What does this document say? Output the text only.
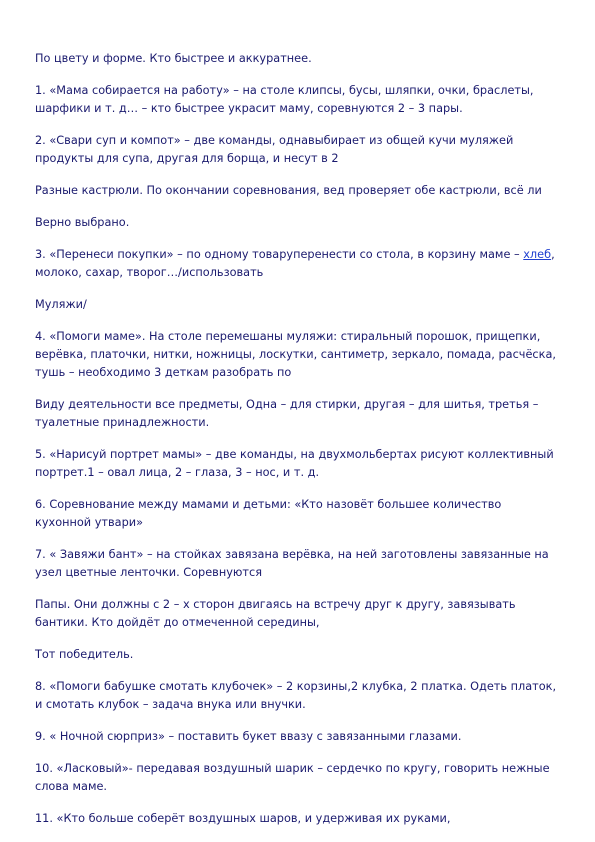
По цвету и форме. Кто быстрее и аккуратнее.

1. «Мама собирается на работу» – на столе клипсы, бусы, шляпки, очки, браслеты, шарфики и т. д… – кто быстрее украсит маму, соревнуются 2 – 3 пары.

2. «Свари суп и компот» – две команды, однавыбирает из общей кучи муляжей продукты для супа, другая для борща, и несут в 2

Разные кастрюли. По окончании соревнования, вед проверяет обе кастрюли, всё ли

Верно выбрано.

3. «Перенеси покупки» – по одному товаруперенести со стола, в корзину маме – хлеб, молоко, сахар, творог…/использовать

Муляжи/

4. «Помоги маме». На столе перемешаны муляжи: стиральный порошок, прищепки, верёвка, платочки, нитки, ножницы, лоскутки, сантиметр, зеркало, помада, расчёска, тушь – необходимо 3 деткам разобрать по

Виду деятельности все предметы, Одна – для стирки, другая – для шитья, третья – туалетные принадлежности.

5. «Нарисуй портрет мамы» – две команды, на двухмольбертах рисуют коллективный портрет.1 – овал лица, 2 – глаза, 3 – нос, и т. д.

6. Соревнование между мамами и детьми: «Кто назовёт большее количество кухонной утвари»

7. « Завяжи бант» – на стойках завязана верёвка, на ней заготовлены завязанные на узел цветные ленточки. Соревнуются

Папы. Они должны с 2 – х сторон двигаясь на встречу друг к другу, завязывать бантики. Кто дойдёт до отмеченной середины,

Тот победитель.

8. «Помоги бабушке смотать клубочек» – 2 корзины,2 клубка, 2 платка. Одеть платок, и смотать клубок – задача внука или внучки.

9. « Ночной сюрприз» – поставить букет ввазу с завязанными глазами.

10. «Ласковый»- передавая воздушный шарик – сердечко по кругу, говорить нежные слова маме.

11. «Кто больше соберёт воздушных шаров, и удерживая их руками,
